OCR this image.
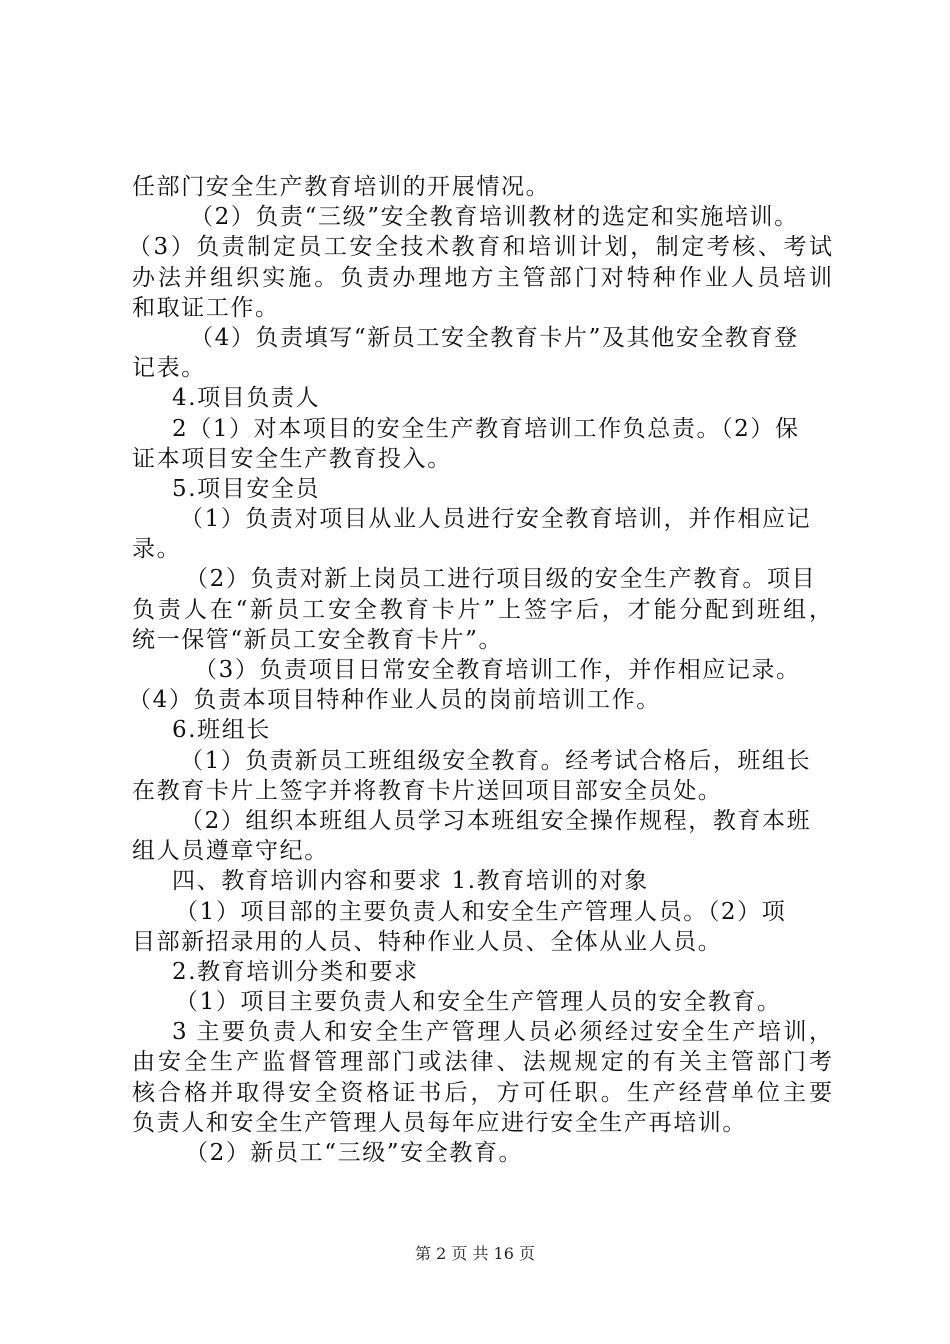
任部门安全生产教育培训的开展情况。
（2）负责“三级”安全教育培训教材的选定和实施培训。
（3）负责制定员工安全技术教育和培训计划，制定考核、考试
办法并组织实施。负责办理地方主管部门对特种作业人员培训
和取证工作。
（4）负责填写“新员工安全教育卡片”及其他安全教育登
记表。
4.项目负责人
2（1）对本项目的安全生产教育培训工作负总责。（2）保
证本项目安全生产教育投入。
5.项目安全员
（1）负责对项目从业人员进行安全教育培训，并作相应记
录。
（2）负责对新上岗员工进行项目级的安全生产教育。项目
负责人在“新员工安全教育卡片”上签字后，才能分配到班组，
统一保管“新员工安全教育卡片”。
（3）负责项目日常安全教育培训工作，并作相应记录。
（4）负责本项目特种作业人员的岗前培训工作。
6.班组长
（1）负责新员工班组级安全教育。经考试合格后，班组长
在教育卡片上签字并将教育卡片送回项目部安全员处。
（2）组织本班组人员学习本班组安全操作规程，教育本班
组人员遵章守纪。
四、教育培训内容和要求 1.教育培训的对象
（1）项目部的主要负责人和安全生产管理人员。（2）项
目部新招录用的人员、特种作业人员、全体从业人员。
2.教育培训分类和要求
（1）项目主要负责人和安全生产管理人员的安全教育。
3 主要负责人和安全生产管理人员必须经过安全生产培训，
由安全生产监督管理部门或法律、法规规定的有关主管部门考
核合格并取得安全资格证书后，方可任职。生产经营单位主要
负责人和安全生产管理人员每年应进行安全生产再培训。
（2）新员工“三级”安全教育。
第 2 页 共 16 页
